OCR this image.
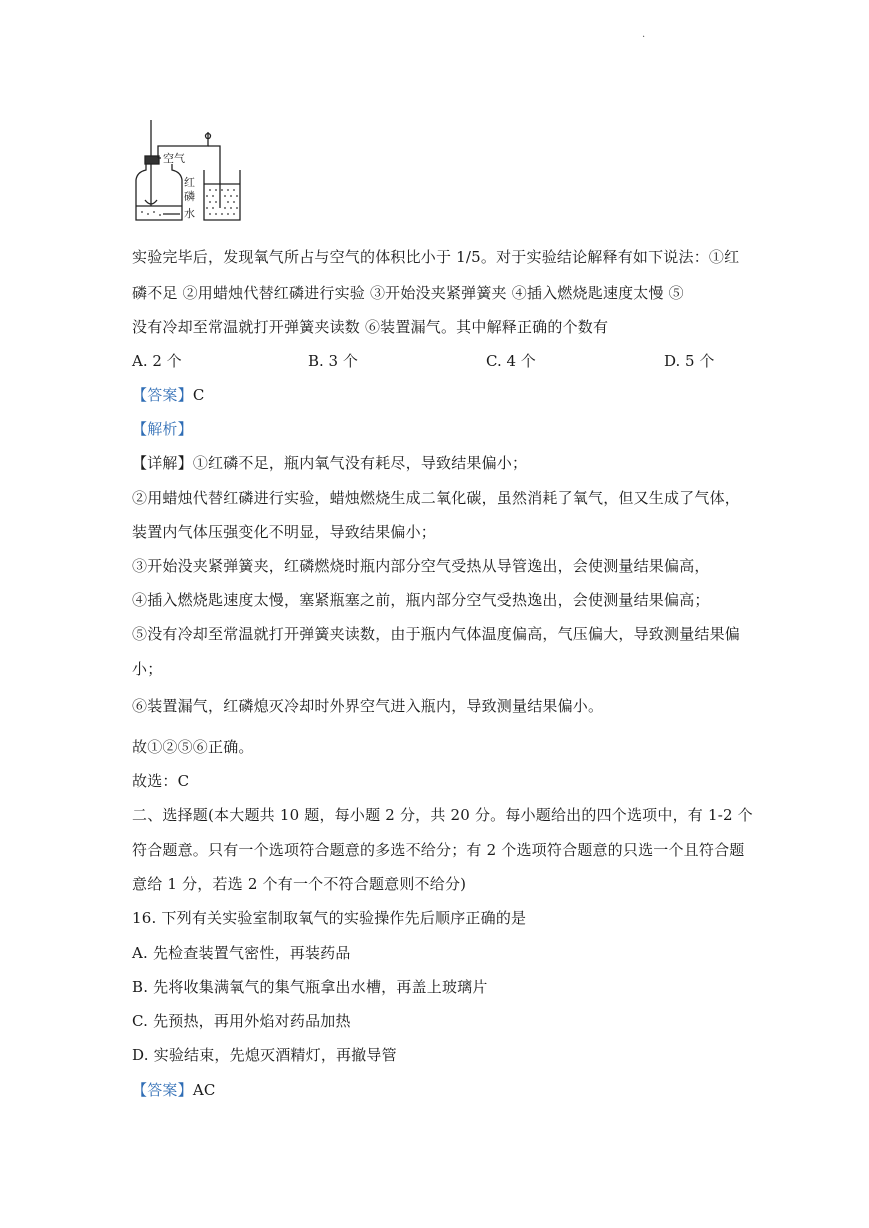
.
空气
红
磷
水
实验完毕后，发现氧气所占与空气的体积比小于 1/5。对于实验结论解释有如下说法：①红
磷不足 ②用蜡烛代替红磷进行实验 ③开始没夹紧弹簧夹 ④插入燃烧匙速度太慢 ⑤
没有冷却至常温就打开弹簧夹读数 ⑥装置漏气。其中解释正确的个数有
A. 2 个	B. 3 个	C. 4 个	D. 5 个
【答案】C
【解析】
【详解】①红磷不足，瓶内氧气没有耗尽，导致结果偏小；
②用蜡烛代替红磷进行实验，蜡烛燃烧生成二氧化碳，虽然消耗了氧气，但又生成了气体，
装置内气体压强变化不明显，导致结果偏小；
③开始没夹紧弹簧夹，红磷燃烧时瓶内部分空气受热从导管逸出，会使测量结果偏高，
④插入燃烧匙速度太慢，塞紧瓶塞之前，瓶内部分空气受热逸出，会使测量结果偏高；
⑤没有冷却至常温就打开弹簧夹读数，由于瓶内气体温度偏高，气压偏大，导致测量结果偏
小；
⑥装置漏气，红磷熄灭冷却时外界空气进入瓶内，导致测量结果偏小。
故①②⑤⑥正确。
故选：C
二、选择题(本大题共 10 题，每小题 2 分，共 20 分。每小题给出的四个选项中，有 1-2 个
符合题意。只有一个选项符合题意的多选不给分；有 2 个选项符合题意的只选一个且符合题
意给 1 分，若选 2 个有一个不符合题意则不给分)
16. 下列有关实验室制取氧气的实验操作先后顺序正确的是
A. 先检查装置气密性，再装药品
B. 先将收集满氧气的集气瓶拿出水槽，再盖上玻璃片
C. 先预热，再用外焰对药品加热
D. 实验结束，先熄灭酒精灯，再撤导管
【答案】AC
